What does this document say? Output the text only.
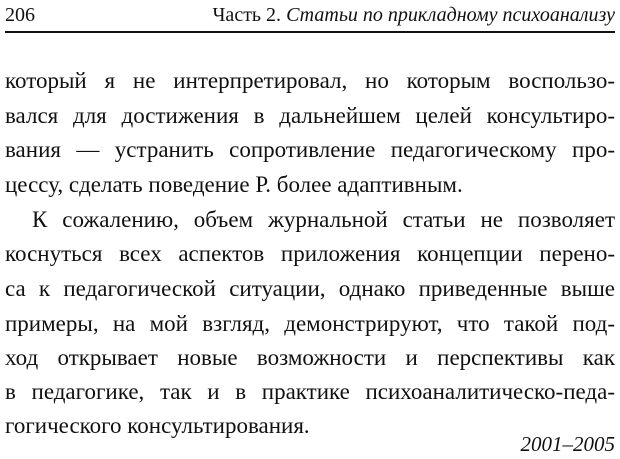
206	Часть 2. Статьи по прикладному психоанализу
который я не интерпретировал, но которым воспользо-
вался для достижения в дальнейшем целей консультиро-
вания — устранить сопротивление педагогическому про-
цессу, сделать поведение Р. более адаптивным.
К сожалению, объем журнальной статьи не позволяет
коснуться всех аспектов приложения концепции перено-
са к педагогической ситуации, однако приведенные выше
примеры, на мой взгляд, демонстрируют, что такой под-
ход открывает новые возможности и перспективы как
в педагогике, так и в практике психоаналитическо-педа-
гогического консультирования.
2001–2005
